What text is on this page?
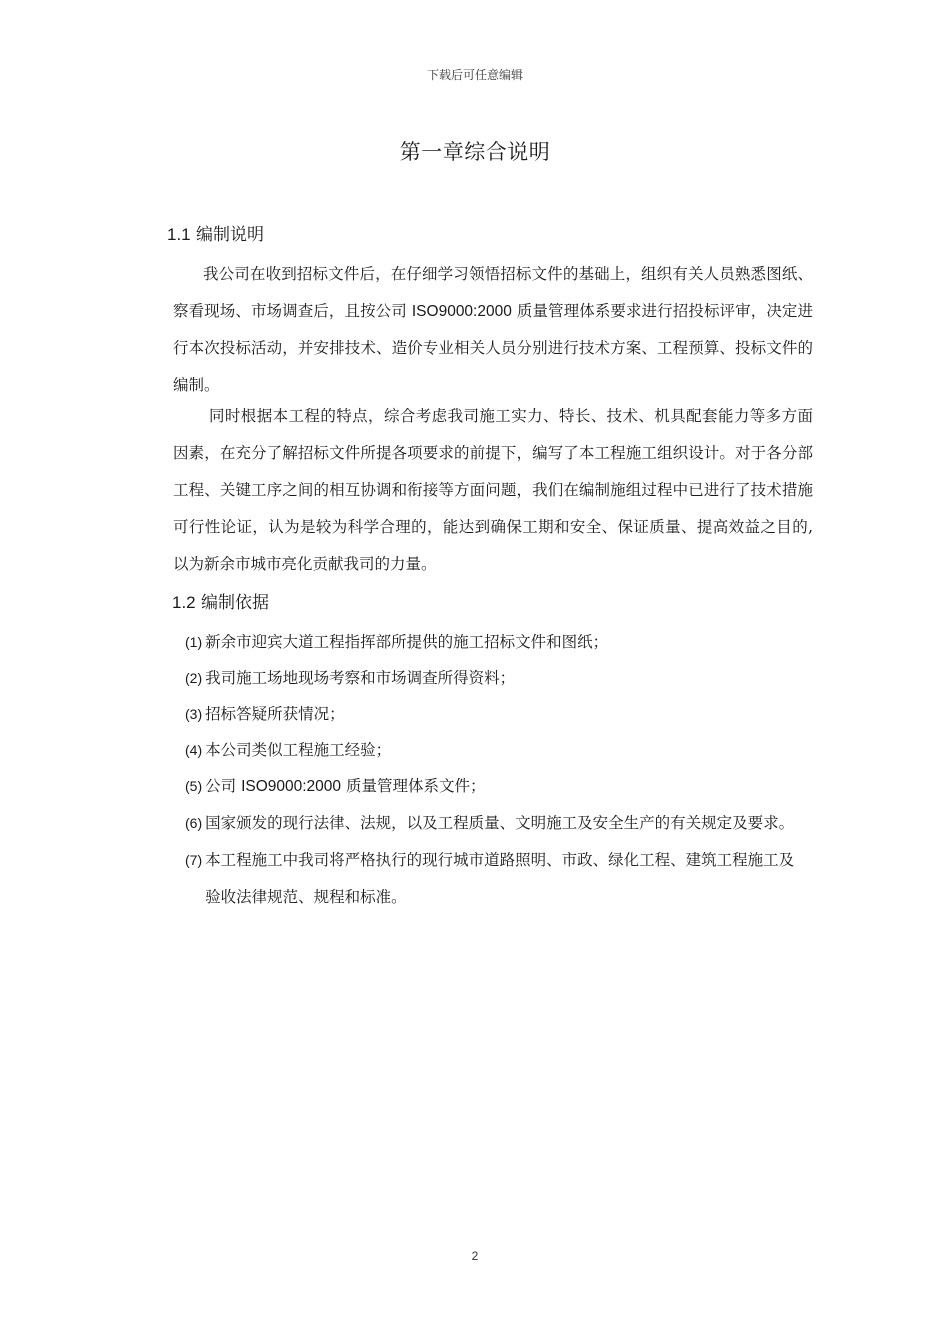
下载后可任意编辑
第一章综合说明
1.1 编制说明

我公司在收到招标文件后，在仔细学习领悟招标文件的基础上，组织有关人员熟悉图纸、察看现场、市场调查后，且按公司 ISO9000:2000 质量管理体系要求进行招投标评审，决定进行本次投标活动，并安排技术、造价专业相关人员分别进行技术方案、工程预算、投标文件的编制。

同时根据本工程的特点，综合考虑我司施工实力、特长、技术、机具配套能力等多方面因素，在充分了解招标文件所提各项要求的前提下，编写了本工程施工组织设计。对于各分部工程、关键工序之间的相互协调和衔接等方面问题，我们在编制施组过程中已进行了技术措施可行性论证，认为是较为科学合理的，能达到确保工期和安全、保证质量、提高效益之目的,以为新余市城市亮化贡献我司的力量。

1.2 编制依据
(1) 新余市迎宾大道工程指挥部所提供的施工招标文件和图纸；
(2) 我司施工场地现场考察和市场调查所得资料；
(3) 招标答疑所获情况；
(4) 本公司类似工程施工经验；
(5) 公司 ISO9000:2000 质量管理体系文件；
(6) 国家颁发的现行法律、法规，以及工程质量、文明施工及安全生产的有关规定及要求。
(7) 本工程施工中我司将严格执行的现行城市道路照明、市政、绿化工程、建筑工程施工及验收法律规范、规程和标准。
2
